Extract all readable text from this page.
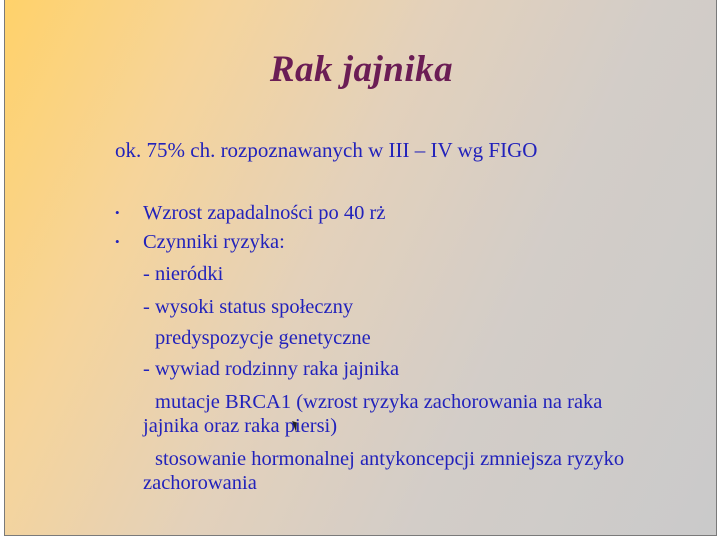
Rak jajnika
ok. 75% ch. rozpoznawanych w III – IV wg FIGO
• Wzrost zapadalności po 40 rż
• Czynniki ryzyka:
- nieródki
- wysoki status społeczny
predyspozycje genetyczne
- wywiad rodzinny raka jajnika
mutacje BRCA1 (wzrost ryzyka zachorowania na raka
jajnika oraz raka piersi)
stosowanie hormonalnej antykoncepcji zmniejsza ryzyko
zachorowania
